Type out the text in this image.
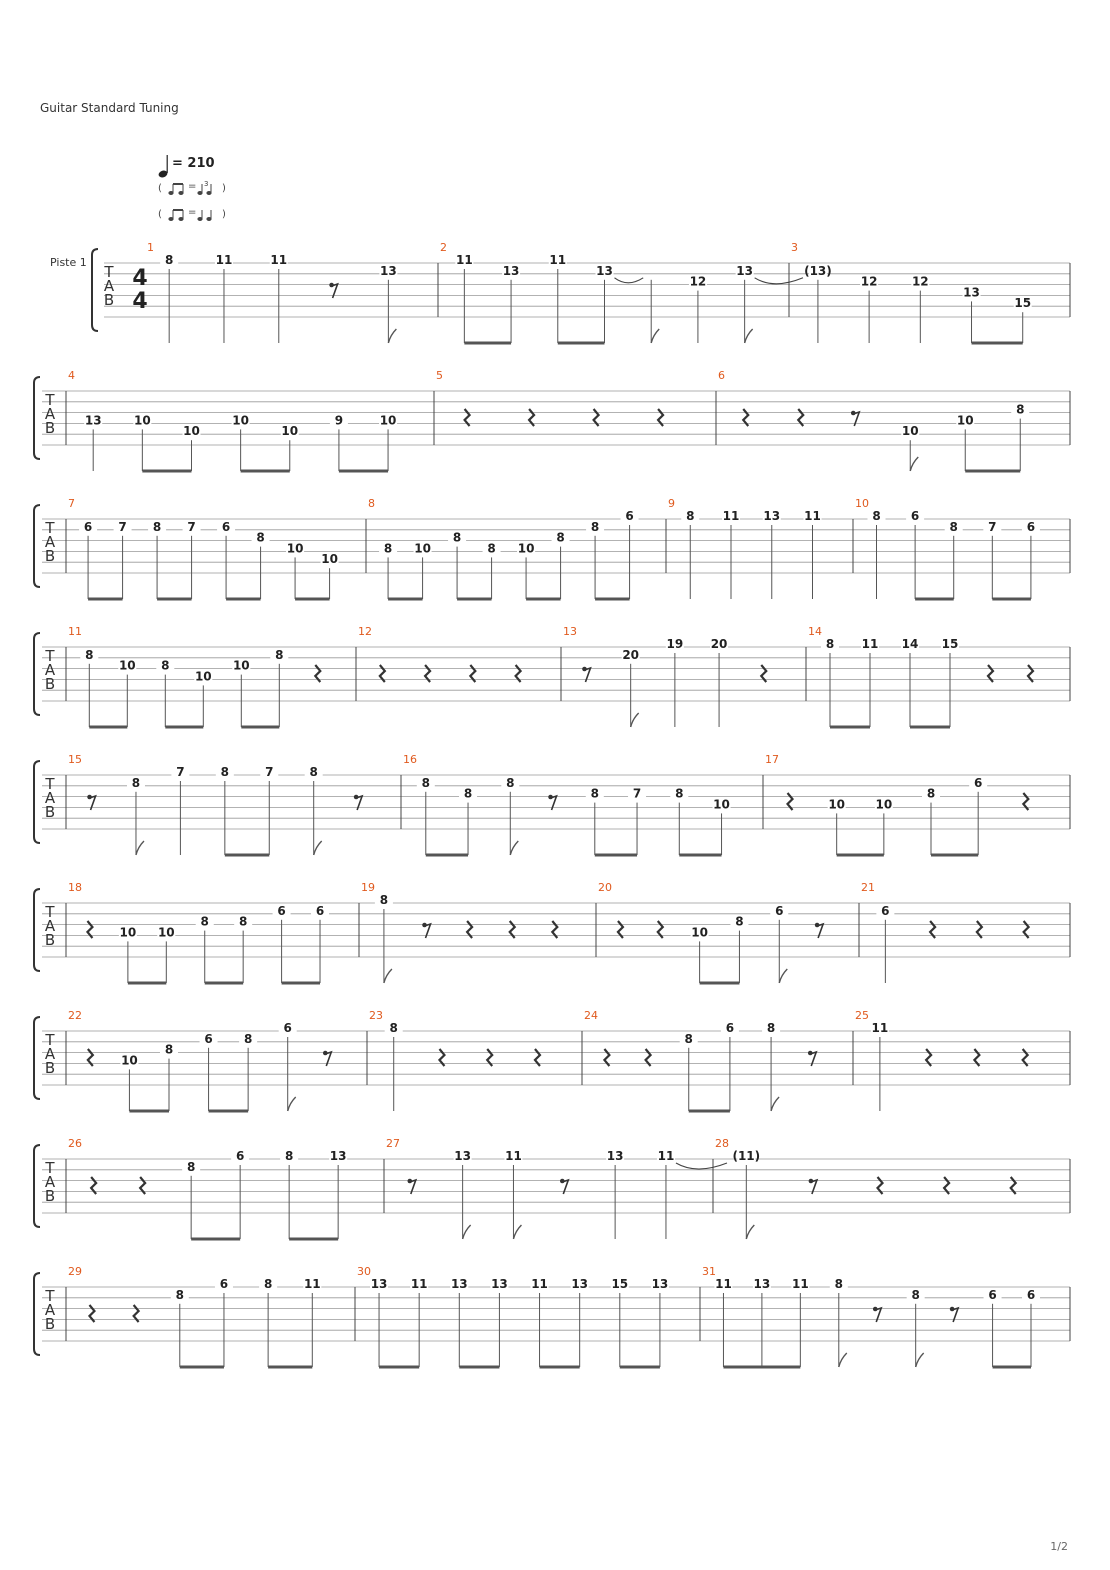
Guitar Standard Tuning
= 210
(	= 3 )
(	=	)
Piste 1
T
A
B
4
4
1
8	11	11
13
2
11
13
11
13
12
13
3
(13)
12	12
13
15
T
A
B
4
13	10
10
10
10
9	10
5	6
10
10
8
T
A
B
7
6 7 8 7 6
8
10
10
8
8 10
8
8 10
8
8
6
9
8 11 13 11
10
8	6
8	7	6
T
A
B
11
8
10 8
10
10
8
12	13
20
19 20
14
8 11 14 15
T
A
B
15
8
7	8	7	8
16
8
8
8
8	7	8
10
17
10	10
8
6
T
A
B
18
10 10
8	8
6	6
19
8
20
10
8
6
21
6
T
A
B
22
10
8
6	8
6
23
8
24
8
6	8
25
11
T
A
B
26
8
6	8	13
27
13	11	13	11
28
(11)
T
A
B
29
8
6	8	11
30
13 11 13 13 11 13 15 13
31
11 13 11 8
8	6	6
1/2
